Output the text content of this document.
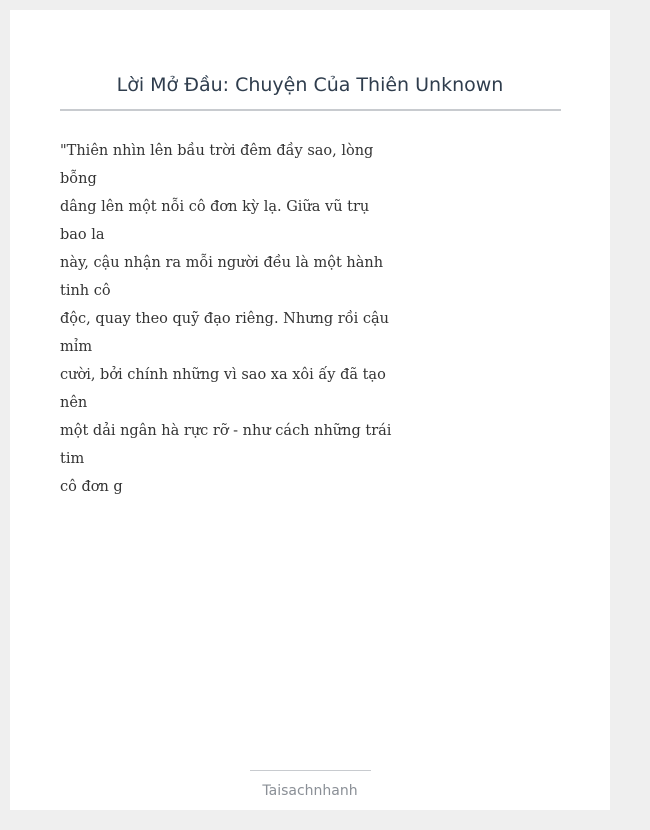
Lời Mở Đầu: Chuyện Của Thiên Unknown
"Thiên nhìn lên bầu trời đêm đầy sao, lòng
bỗng
dâng lên một nỗi cô đơn kỳ lạ. Giữa vũ trụ
bao la
này, cậu nhận ra mỗi người đều là một hành
tinh cô
độc, quay theo quỹ đạo riêng. Nhưng rồi cậu
mỉm
cười, bởi chính những vì sao xa xôi ấy đã tạo
nên
một dải ngân hà rực rỡ - như cách những trái
tim
cô đơn g
Taisachnhanh
